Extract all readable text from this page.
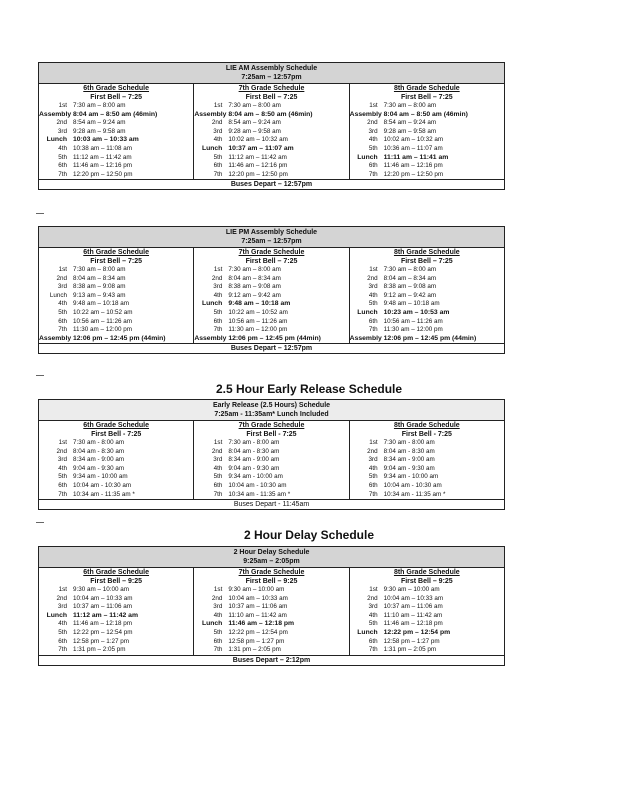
LIE AM Assembly Schedule
7:25am – 12:57pm
6th Grade Schedule
First Bell – 7:25
1st 7:30 am – 8:00 am
Assembly 8:04 am – 8:50 am (46min)
2nd 8:54 am – 9:24 am
3rd 9:28 am – 9:58 am
Lunch 10:03 am – 10:33 am
4th 10:38 am – 11:08 am
5th 11:12 am – 11:42 am
6th 11:46 am – 12:16 pm
7th 12:20 pm – 12:50 pm
7th Grade Schedule
First Bell – 7:25
1st 7:30 am – 8:00 am
Assembly 8:04 am – 8:50 am (46min)
2nd 8:54 am – 9:24 am
3rd 9:28 am – 9:58 am
4th 10:02 am – 10:32 am
Lunch 10:37 am – 11:07 am
5th 11:12 am – 11:42 am
6th 11:46 am – 12:16 pm
7th 12:20 pm – 12:50 pm
8th Grade Schedule
First Bell – 7:25
1st 7:30 am – 8:00 am
Assembly 8:04 am – 8:50 am (46min)
2nd 8:54 am – 9:24 am
3rd 9:28 am – 9:58 am
4th 10:02 am – 10:32 am
5th 10:36 am – 11:07 am
Lunch 11:11 am – 11:41 am
6th 11:46 am – 12:16 pm
7th 12:20 pm – 12:50 pm
Buses Depart – 12:57pm
LIE PM Assembly Schedule
7:25am – 12:57pm
6th Grade Schedule
First Bell – 7:25
1st 7:30 am – 8:00 am
2nd 8:04 am – 8:34 am
3rd 8:38 am – 9:08 am
Lunch 9:13 am – 9:43 am
4th 9:48 am – 10:18 am
5th 10:22 am – 10:52 am
6th 10:56 am – 11:26 am
7th 11:30 am – 12:00 pm
Assembly 12:06 pm – 12:45 pm (44min)
7th Grade Schedule
First Bell – 7:25
1st 7:30 am – 8:00 am
2nd 8:04 am – 8:34 am
3rd 8:38 am – 9:08 am
4th 9:12 am – 9:42 am
Lunch 9:48 am – 10:18 am
5th 10:22 am – 10:52 am
6th 10:56 am – 11:26 am
7th 11:30 am – 12:00 pm
Assembly 12:06 pm – 12:45 pm (44min)
8th Grade Schedule
First Bell – 7:25
1st 7:30 am – 8:00 am
2nd 8:04 am – 8:34 am
3rd 8:38 am – 9:08 am
4th 9:12 am – 9:42 am
5th 9:48 am – 10:18 am
Lunch 10:23 am – 10:53 am
6th 10:56 am – 11:26 am
7th 11:30 am – 12:00 pm
Assembly 12:06 pm – 12:45 pm (44min)
Buses Depart – 12:57pm
2.5 Hour Early Release Schedule
Early Release (2.5 Hours) Schedule
7:25am - 11:35am* Lunch Included
6th Grade Schedule
First Bell - 7:25
1st 7:30 am - 8:00 am
2nd 8:04 am - 8:30 am
3rd 8:34 am - 9:00 am
4th 9:04 am - 9:30 am
5th 9:34 am - 10:00 am
6th 10:04 am - 10:30 am
7th 10:34 am - 11:35 am *
7th Grade Schedule
First Bell - 7:25
1st 7:30 am - 8:00 am
2nd 8:04 am - 8:30 am
3rd 8:34 am - 9:00 am
4th 9:04 am - 9:30 am
5th 9:34 am - 10:00 am
6th 10:04 am - 10:30 am
7th 10:34 am - 11:35 am *
8th Grade Schedule
First Bell - 7:25
1st 7:30 am - 8:00 am
2nd 8:04 am - 8:30 am
3rd 8:34 am - 9:00 am
4th 9:04 am - 9:30 am
5th 9:34 am - 10:00 am
6th 10:04 am - 10:30 am
7th 10:34 am - 11:35 am *
Buses Depart - 11:45am
2 Hour Delay Schedule
2 Hour Delay Schedule
9:25am – 2:05pm
6th Grade Schedule
First Bell – 9:25
1st 9:30 am – 10:00 am
2nd 10:04 am – 10:33 am
3rd 10:37 am – 11:06 am
Lunch 11:12 am – 11:42 am
4th 11:46 am – 12:18 pm
5th 12:22 pm – 12:54 pm
6th 12:58 pm – 1:27 pm
7th 1:31 pm – 2:05 pm
7th Grade Schedule
First Bell – 9:25
1st 9:30 am – 10:00 am
2nd 10:04 am – 10:33 am
3rd 10:37 am – 11:06 am
4th 11:10 am – 11:42 am
Lunch 11:46 am – 12:18 pm
5th 12:22 pm – 12:54 pm
6th 12:58 pm – 1:27 pm
7th 1:31 pm – 2:05 pm
8th Grade Schedule
First Bell – 9:25
1st 9:30 am – 10:00 am
2nd 10:04 am – 10:33 am
3rd 10:37 am – 11:06 am
4th 11:10 am – 11:42 am
5th 11:46 am – 12:18 pm
Lunch 12:22 pm – 12:54 pm
6th 12:58 pm – 1:27 pm
7th 1:31 pm – 2:05 pm
Buses Depart – 2:12pm
